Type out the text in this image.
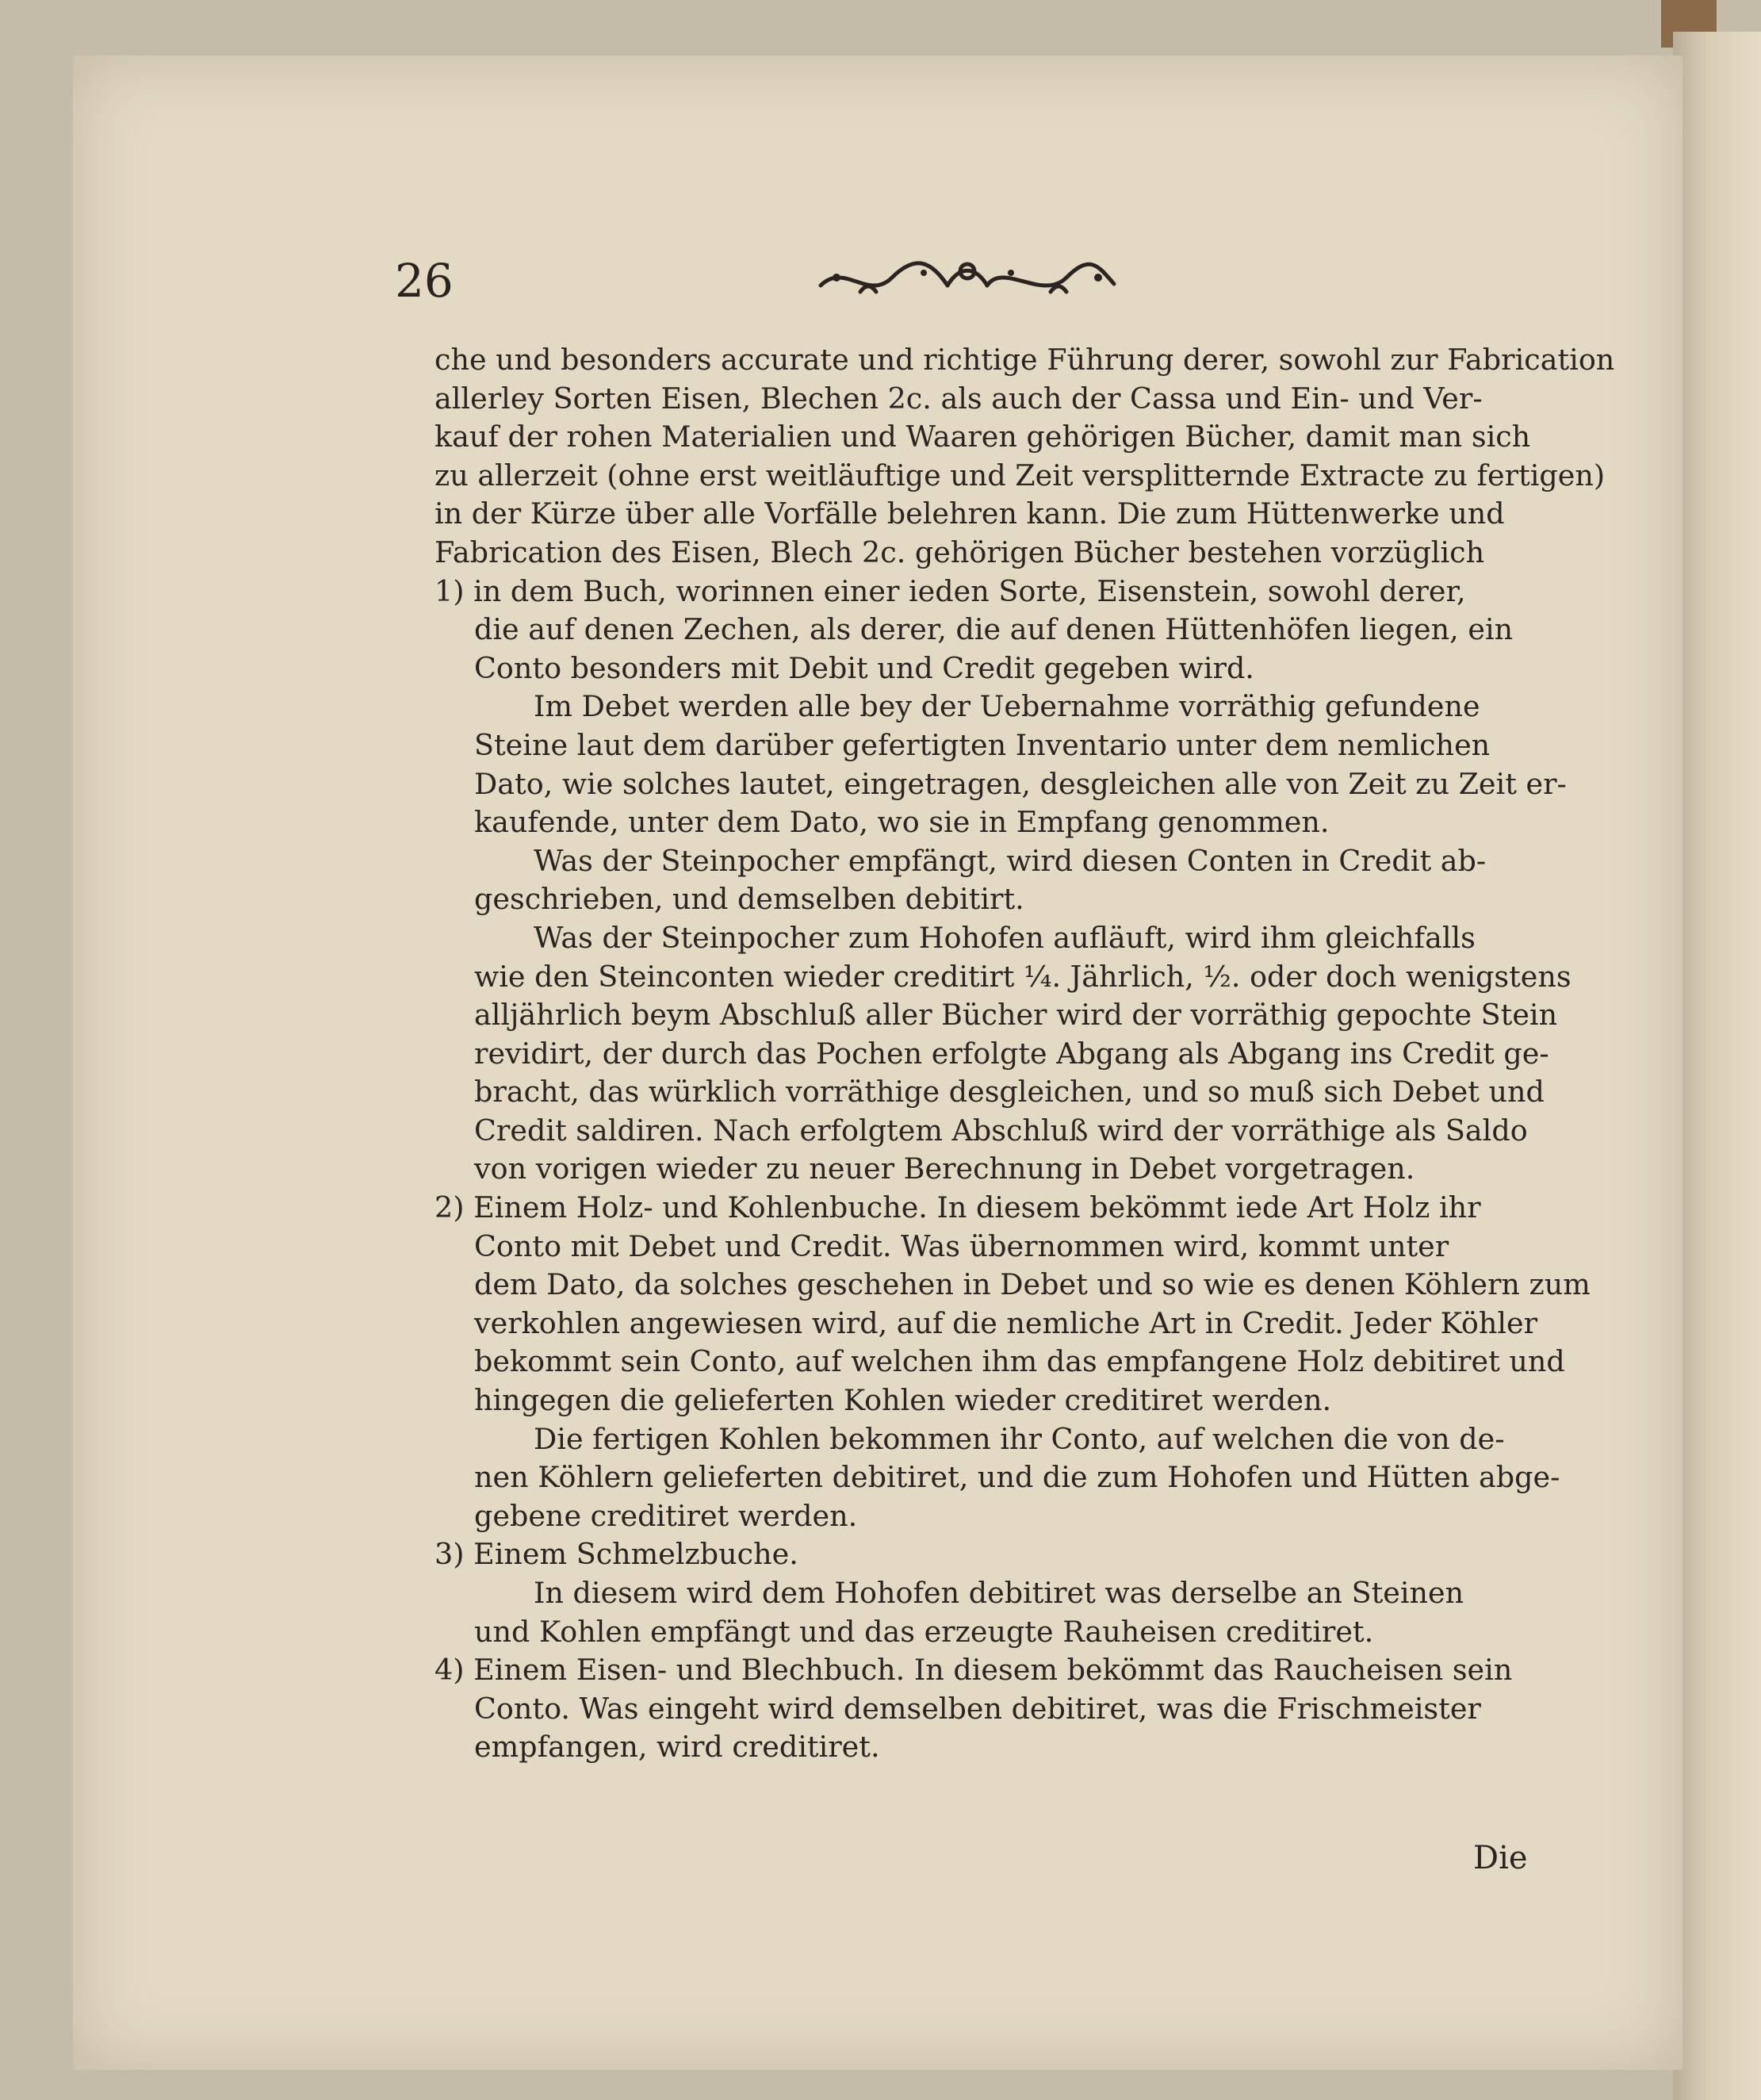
26
che und besonders accurate und richtige Führung derer, sowohl zur Fabrication
allerley Sorten Eisen, Blechen 2c. als auch der Cassa und Ein- und Ver-
kauf der rohen Materialien und Waaren gehörigen Bücher, damit man sich
zu allerzeit (ohne erst weitläuftige und Zeit versplitternde Extracte zu fertigen)
in der Kürze über alle Vorfälle belehren kann. Die zum Hüttenwerke und
Fabrication des Eisen, Blech 2c. gehörigen Bücher bestehen vorzüglich
1) in dem Buch, worinnen einer ieden Sorte, Eisenstein, sowohl derer,
die auf denen Zechen, als derer, die auf denen Hüttenhöfen liegen, ein
Conto besonders mit Debit und Credit gegeben wird.
Im Debet werden alle bey der Uebernahme vorräthig gefundene
Steine laut dem darüber gefertigten Inventario unter dem nemlichen
Dato, wie solches lautet, eingetragen, desgleichen alle von Zeit zu Zeit er-
kaufende, unter dem Dato, wo sie in Empfang genommen.
Was der Steinpocher empfängt, wird diesen Conten in Credit ab-
geschrieben, und demselben debitirt.
Was der Steinpocher zum Hohofen aufläuft, wird ihm gleichfalls
wie den Steinconten wieder creditirt ¼. Jährlich, ½. oder doch wenigstens
alljährlich beym Abschluß aller Bücher wird der vorräthig gepochte Stein
revidirt, der durch das Pochen erfolgte Abgang als Abgang ins Credit ge-
bracht, das würklich vorräthige desgleichen, und so muß sich Debet und
Credit saldiren. Nach erfolgtem Abschluß wird der vorräthige als Saldo
von vorigen wieder zu neuer Berechnung in Debet vorgetragen.
2) Einem Holz- und Kohlenbuche. In diesem bekömmt iede Art Holz ihr
Conto mit Debet und Credit. Was übernommen wird, kommt unter
dem Dato, da solches geschehen in Debet und so wie es denen Köhlern zum
verkohlen angewiesen wird, auf die nemliche Art in Credit. Jeder Köhler
bekommt sein Conto, auf welchen ihm das empfangene Holz debitiret und
hingegen die gelieferten Kohlen wieder creditiret werden.
Die fertigen Kohlen bekommen ihr Conto, auf welchen die von de-
nen Köhlern gelieferten debitiret, und die zum Hohofen und Hütten abge-
gebene creditiret werden.
3) Einem Schmelzbuche.
In diesem wird dem Hohofen debitiret was derselbe an Steinen
und Kohlen empfängt und das erzeugte Rauheisen creditiret.
4) Einem Eisen- und Blechbuch. In diesem bekömmt das Raucheisen sein
Conto. Was eingeht wird demselben debitiret, was die Frischmeister
empfangen, wird creditiret.
Die
